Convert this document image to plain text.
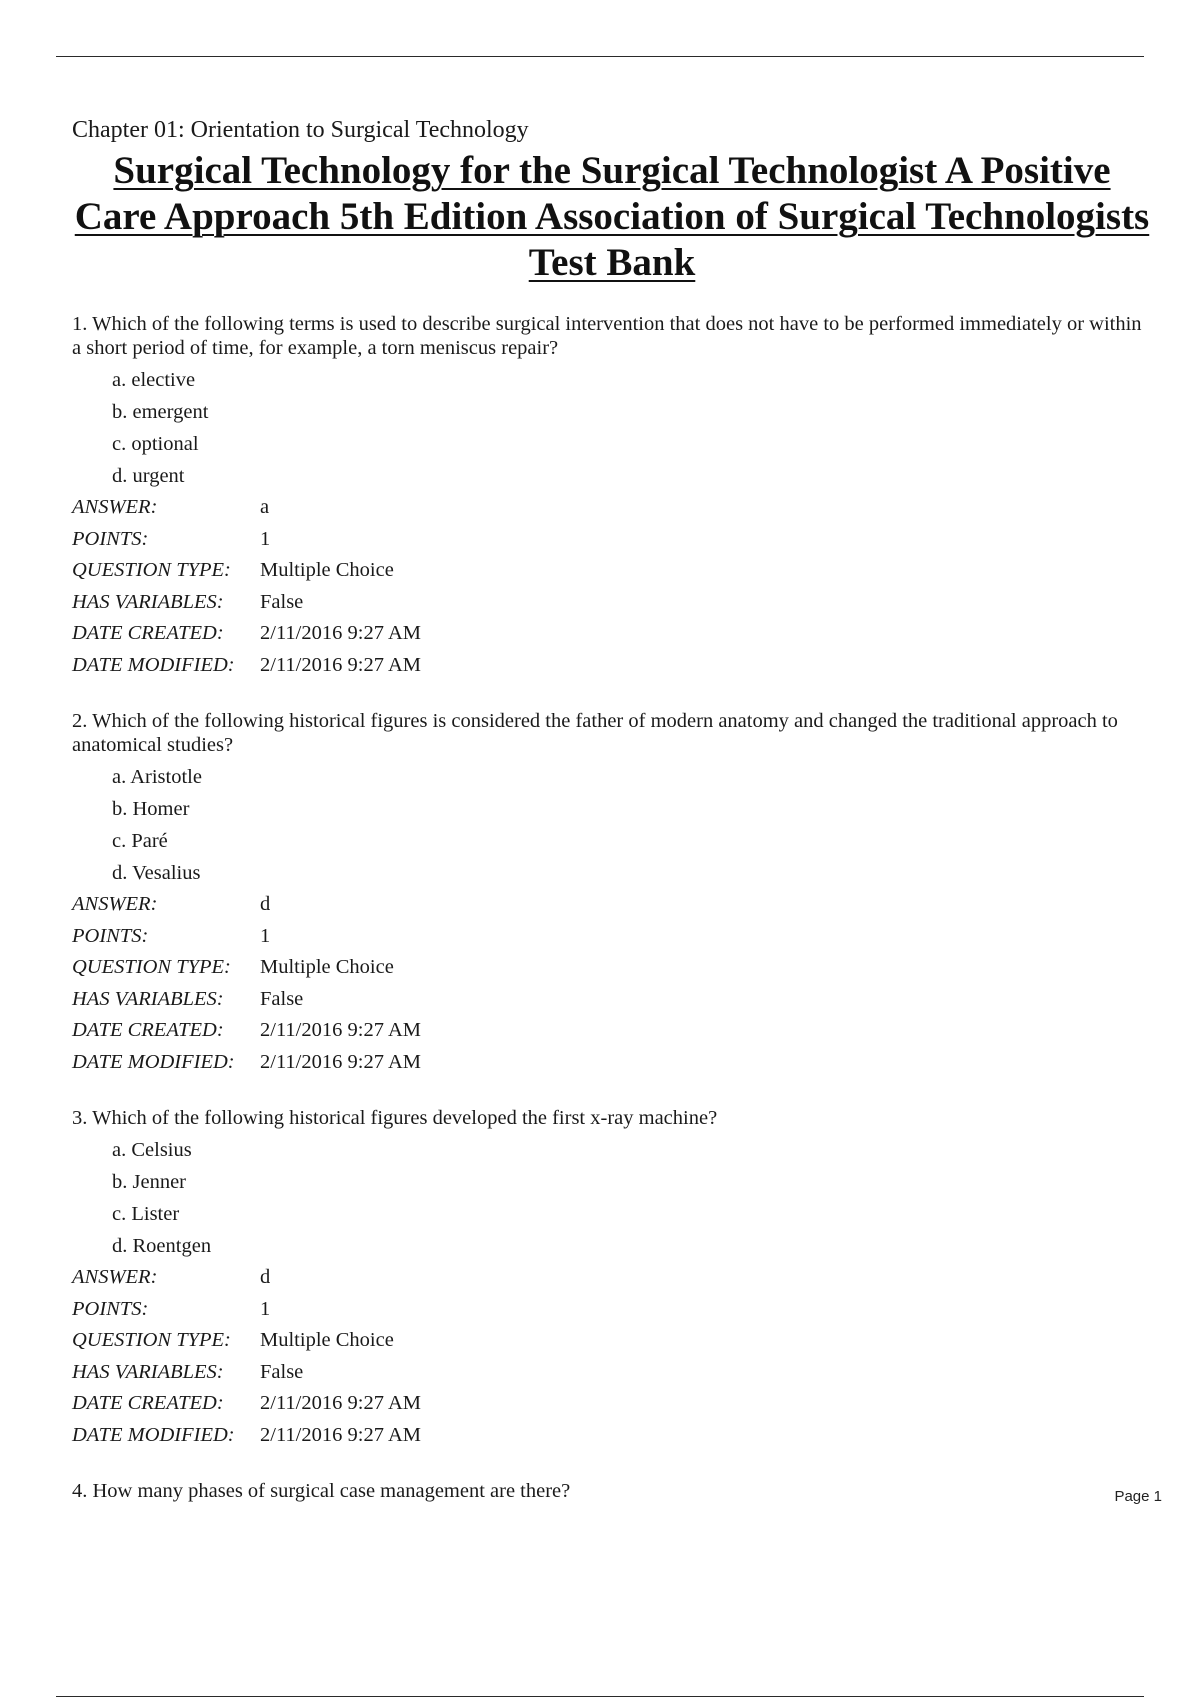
Chapter 01: Orientation to Surgical Technology

Surgical Technology for the Surgical Technologist A Positive Care Approach 5th Edition Association of Surgical Technologists Test Bank

1. Which of the following terms is used to describe surgical intervention that does not have to be performed immediately or within a short period of time, for example, a torn meniscus repair?

a. elective
b. emergent
c. optional
d. urgent
ANSWER:	a
POINTS:	1
QUESTION TYPE:	Multiple Choice
HAS VARIABLES:	False
DATE CREATED:	2/11/2016 9:27 AM
DATE MODIFIED:	2/11/2016 9:27 AM

2. Which of the following historical figures is considered the father of modern anatomy and changed the traditional approach to anatomical studies?

a. Aristotle
b. Homer
c. Paré
d. Vesalius
ANSWER:	d
POINTS:	1
QUESTION TYPE:	Multiple Choice
HAS VARIABLES:	False
DATE CREATED:	2/11/2016 9:27 AM
DATE MODIFIED:	2/11/2016 9:27 AM

3. Which of the following historical figures developed the first x-ray machine?

a. Celsius
b. Jenner
c. Lister
d. Roentgen
ANSWER:	d
POINTS:	1
QUESTION TYPE:	Multiple Choice
HAS VARIABLES:	False
DATE CREATED:	2/11/2016 9:27 AM
DATE MODIFIED:	2/11/2016 9:27 AM

4. How many phases of surgical case management are there?	Page 1
